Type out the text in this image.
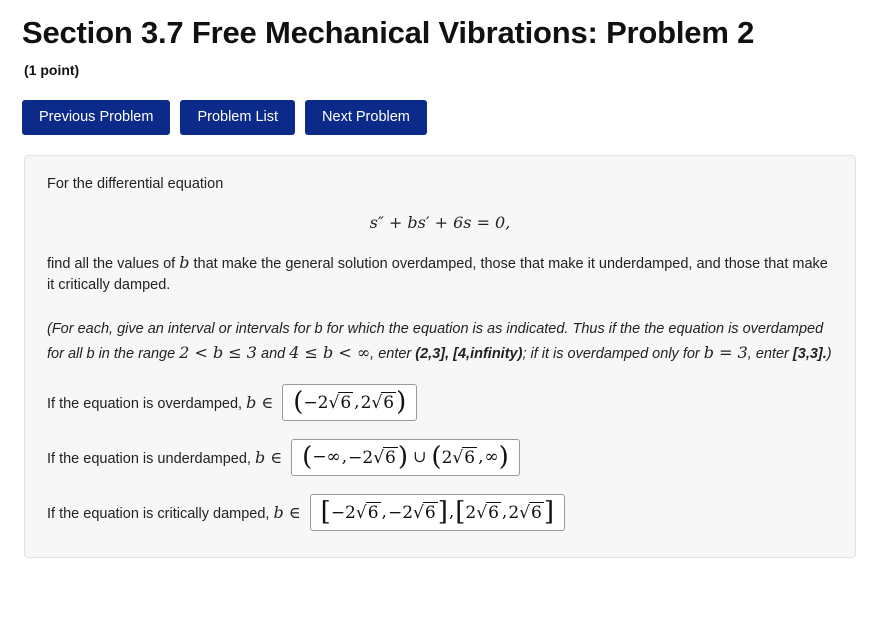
Section 3.7 Free Mechanical Vibrations: Problem 2
(1 point)
Previous Problem	Problem List	Next Problem

For the differential equation

s″ + bs′ + 6s = 0,

find all the values of b that make the general solution overdamped, those that make it underdamped, and those that make it critically damped.

(For each, give an interval or intervals for b for which the equation is as indicated. Thus if the the equation is overdamped for all b in the range 2 < b ≤ 3 and 4 ≤ b < ∞, enter (2,3], [4,infinity); if it is overdamped only for b = 3, enter [3,3].)

If the equation is overdamped, b ∈ ( −2 √ 6 , 2 √ 6 )
If the equation is underdamped, b ∈ ( −∞ , −2 √ 6 ) ∪ ( 2 √ 6 , ∞ )
If the equation is critically damped, b ∈ [ −2 √ 6 , −2 √ 6 ] , [ 2 √ 6 , 2 √ 6 ]
